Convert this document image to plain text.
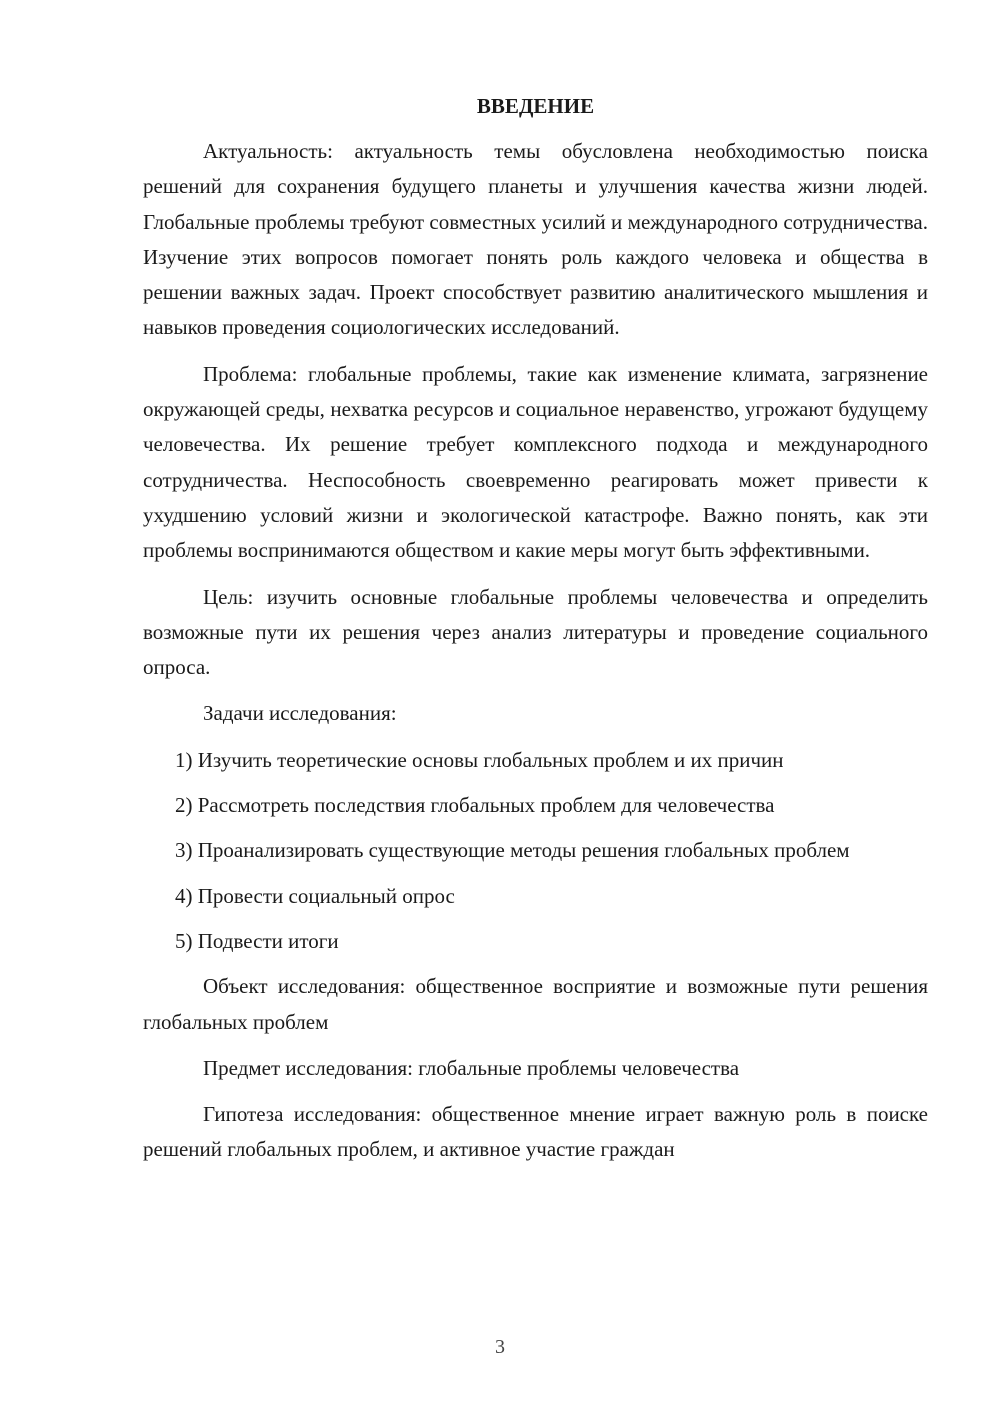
ВВЕДЕНИЕ

Актуальность: актуальность темы обусловлена необходимостью поиска решений для сохранения будущего планеты и улучшения качества жизни людей. Глобальные проблемы требуют совместных усилий и международного сотрудничества. Изучение этих вопросов помогает понять роль каждого человека и общества в решении важных задач. Проект способствует развитию аналитического мышления и навыков проведения социологических исследований.

Проблема: глобальные проблемы, такие как изменение климата, загрязнение окружающей среды, нехватка ресурсов и социальное неравенство, угрожают будущему человечества. Их решение требует комплексного подхода и международного сотрудничества. Неспособность своевременно реагировать может привести к ухудшению условий жизни и экологической катастрофе. Важно понять, как эти проблемы воспринимаются обществом и какие меры могут быть эффективными.

Цель: изучить основные глобальные проблемы человечества и определить возможные пути их решения через анализ литературы и проведение социального опроса.

Задачи исследования:

1) Изучить теоретические основы глобальных проблем и их причин
2) Рассмотреть последствия глобальных проблем для человечества
3) Проанализировать существующие методы решения глобальных проблем
4) Провести социальный опрос
5) Подвести итоги

Объект исследования: общественное восприятие и возможные пути решения глобальных проблем

Предмет исследования: глобальные проблемы человечества

Гипотеза исследования: общественное мнение играет важную роль в поиске решений глобальных проблем, и активное участие граждан

3
